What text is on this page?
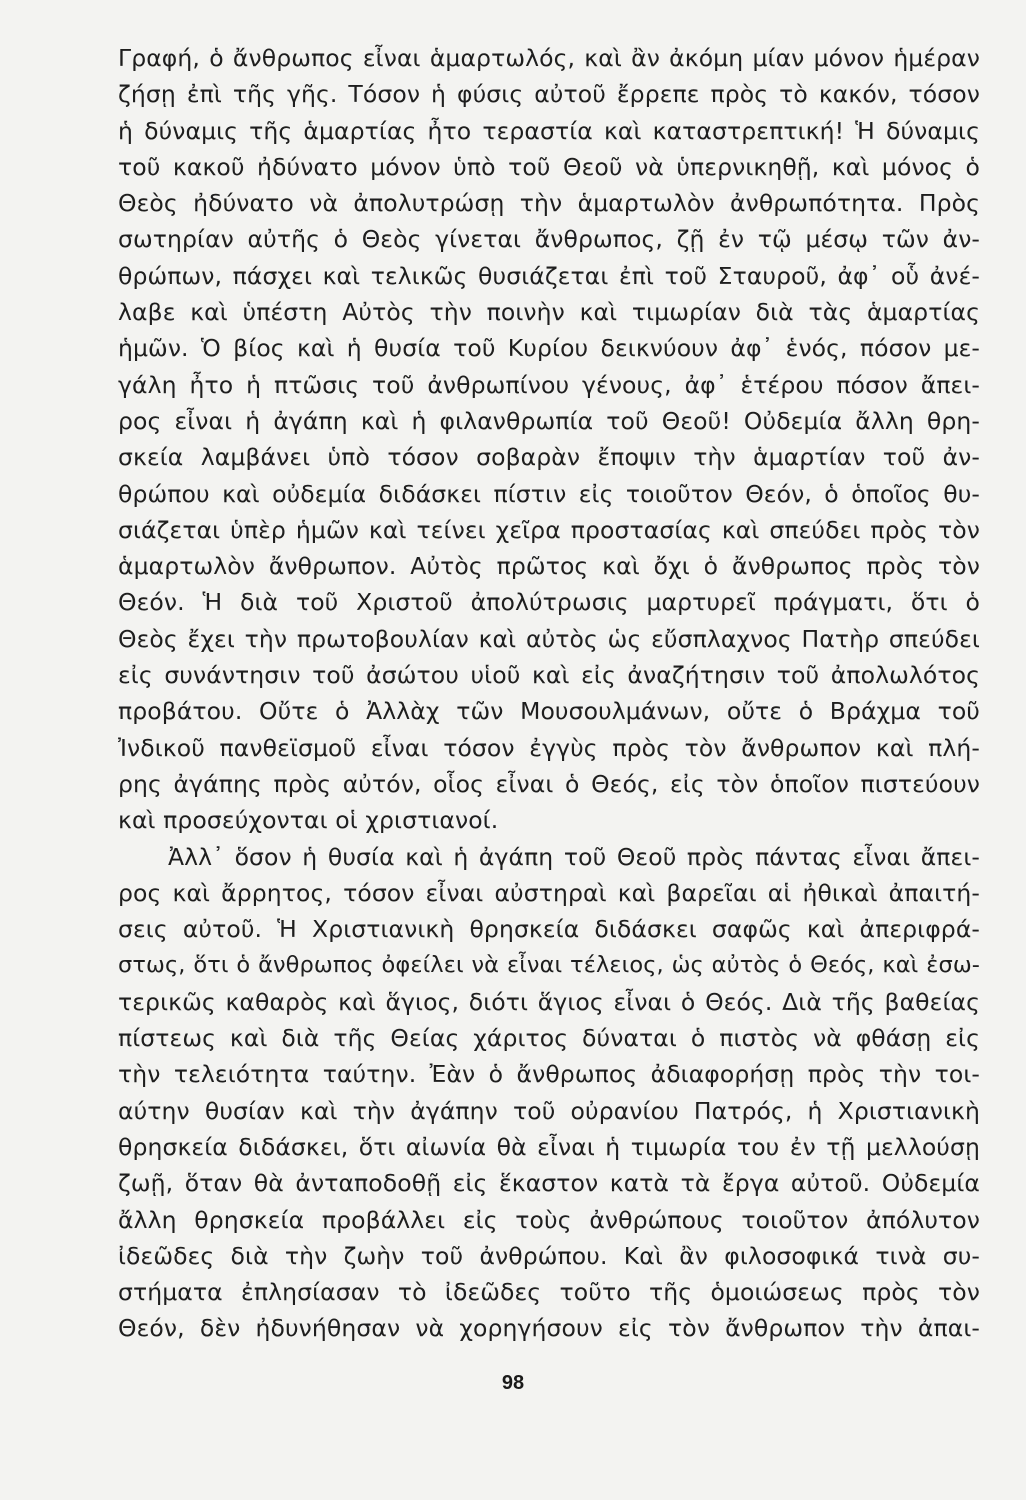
Γραφή, ὁ ἄνθρωπος εἶναι ἁμαρτωλός, καὶ ἂν ἀκόμη μίαν μόνον ἡμέραν
ζήσῃ ἐπὶ τῆς γῆς. Τόσον ἡ φύσις αὐτοῦ ἔρρεπε πρὸς τὸ κακόν, τόσον
ἡ δύναμις τῆς ἁμαρτίας ἦτο τεραστία καὶ καταστρεπτική! Ἡ δύναμις
τοῦ κακοῦ ἠδύνατο μόνον ὑπὸ τοῦ Θεοῦ νὰ ὑπερνικηθῇ, καὶ μόνος ὁ
Θεὸς ἠδύνατο νὰ ἀπολυτρώσῃ τὴν ἁμαρτωλὸν ἀνθρωπότητα. Πρὸς
σωτηρίαν αὐτῆς ὁ Θεὸς γίνεται ἄνθρωπος, ζῇ ἐν τῷ μέσῳ τῶν ἀν-
θρώπων, πάσχει καὶ τελικῶς θυσιάζεται ἐπὶ τοῦ Σταυροῦ, ἀφ᾽ οὗ ἀνέ-
λαβε καὶ ὑπέστη Αὐτὸς τὴν ποινὴν καὶ τιμωρίαν διὰ τὰς ἁμαρτίας
ἡμῶν. Ὁ βίος καὶ ἡ θυσία τοῦ Κυρίου δεικνύουν ἀφ᾽ ἑνός, πόσον με-
γάλη ἦτο ἡ πτῶσις τοῦ ἀνθρωπίνου γένους, ἀφ᾽ ἑτέρου πόσον ἄπει-
ρος εἶναι ἡ ἀγάπη καὶ ἡ φιλανθρωπία τοῦ Θεοῦ! Οὐδεμία ἄλλη θρη-
σκεία λαμβάνει ὑπὸ τόσον σοβαρὰν ἔποψιν τὴν ἁμαρτίαν τοῦ ἀν-
θρώπου καὶ οὐδεμία διδάσκει πίστιν εἰς τοιοῦτον Θεόν, ὁ ὁποῖος θυ-
σιάζεται ὑπὲρ ἡμῶν καὶ τείνει χεῖρα προστασίας καὶ σπεύδει πρὸς τὸν
ἁμαρτωλὸν ἄνθρωπον. Αὐτὸς πρῶτος καὶ ὄχι ὁ ἄνθρωπος πρὸς τὸν
Θεόν. Ἡ διὰ τοῦ Χριστοῦ ἀπολύτρωσις μαρτυρεῖ πράγματι, ὅτι ὁ
Θεὸς ἔχει τὴν πρωτοβουλίαν καὶ αὐτὸς ὡς εὔσπλαχνος Πατὴρ σπεύδει
εἰς συνάντησιν τοῦ ἀσώτου υἱοῦ καὶ εἰς ἀναζήτησιν τοῦ ἀπολωλότος
προβάτου. Οὔτε ὁ Ἀλλὰχ τῶν Μουσουλμάνων, οὔτε ὁ Βράχμα τοῦ
Ἰνδικοῦ πανθεϊσμοῦ εἶναι τόσον ἐγγὺς πρὸς τὸν ἄνθρωπον καὶ πλή-
ρης ἀγάπης πρὸς αὐτόν, οἷος εἶναι ὁ Θεός, εἰς τὸν ὁποῖον πιστεύουν
καὶ προσεύχονται οἱ χριστιανοί.
Ἀλλ᾽ ὅσον ἡ θυσία καὶ ἡ ἀγάπη τοῦ Θεοῦ πρὸς πάντας εἶναι ἄπει-
ρος καὶ ἄρρητος, τόσον εἶναι αὐστηραὶ καὶ βαρεῖαι αἱ ἠθικαὶ ἀπαιτή-
σεις αὐτοῦ. Ἡ Χριστιανικὴ θρησκεία διδάσκει σαφῶς καὶ ἀπεριφρά-
στως, ὅτι ὁ ἄνθρωπος ὀφείλει νὰ εἶναι τέλειος, ὡς αὐτὸς ὁ Θεός, καὶ ἐσω-
τερικῶς καθαρὸς καὶ ἅγιος, διότι ἅγιος εἶναι ὁ Θεός. Διὰ τῆς βαθείας
πίστεως καὶ διὰ τῆς Θείας χάριτος δύναται ὁ πιστὸς νὰ φθάσῃ εἰς
τὴν τελειότητα ταύτην. Ἐὰν ὁ ἄνθρωπος ἀδιαφορήσῃ πρὸς τὴν τοι-
αύτην θυσίαν καὶ τὴν ἀγάπην τοῦ οὐρανίου Πατρός, ἡ Χριστιανικὴ
θρησκεία διδάσκει, ὅτι αἰωνία θὰ εἶναι ἡ τιμωρία του ἐν τῇ μελλούσῃ
ζωῇ, ὅταν θὰ ἀνταποδοθῇ εἰς ἕκαστον κατὰ τὰ ἔργα αὐτοῦ. Οὐδεμία
ἄλλη θρησκεία προβάλλει εἰς τοὺς ἀνθρώπους τοιοῦτον ἀπόλυτον
ἰδεῶδες διὰ τὴν ζωὴν τοῦ ἀνθρώπου. Καὶ ἂν φιλοσοφικά τινὰ συ-
στήματα ἐπλησίασαν τὸ ἰδεῶδες τοῦτο τῆς ὁμοιώσεως πρὸς τὸν
Θεόν, δὲν ἠδυνήθησαν νὰ χορηγήσουν εἰς τὸν ἄνθρωπον τὴν ἀπαι-
98
